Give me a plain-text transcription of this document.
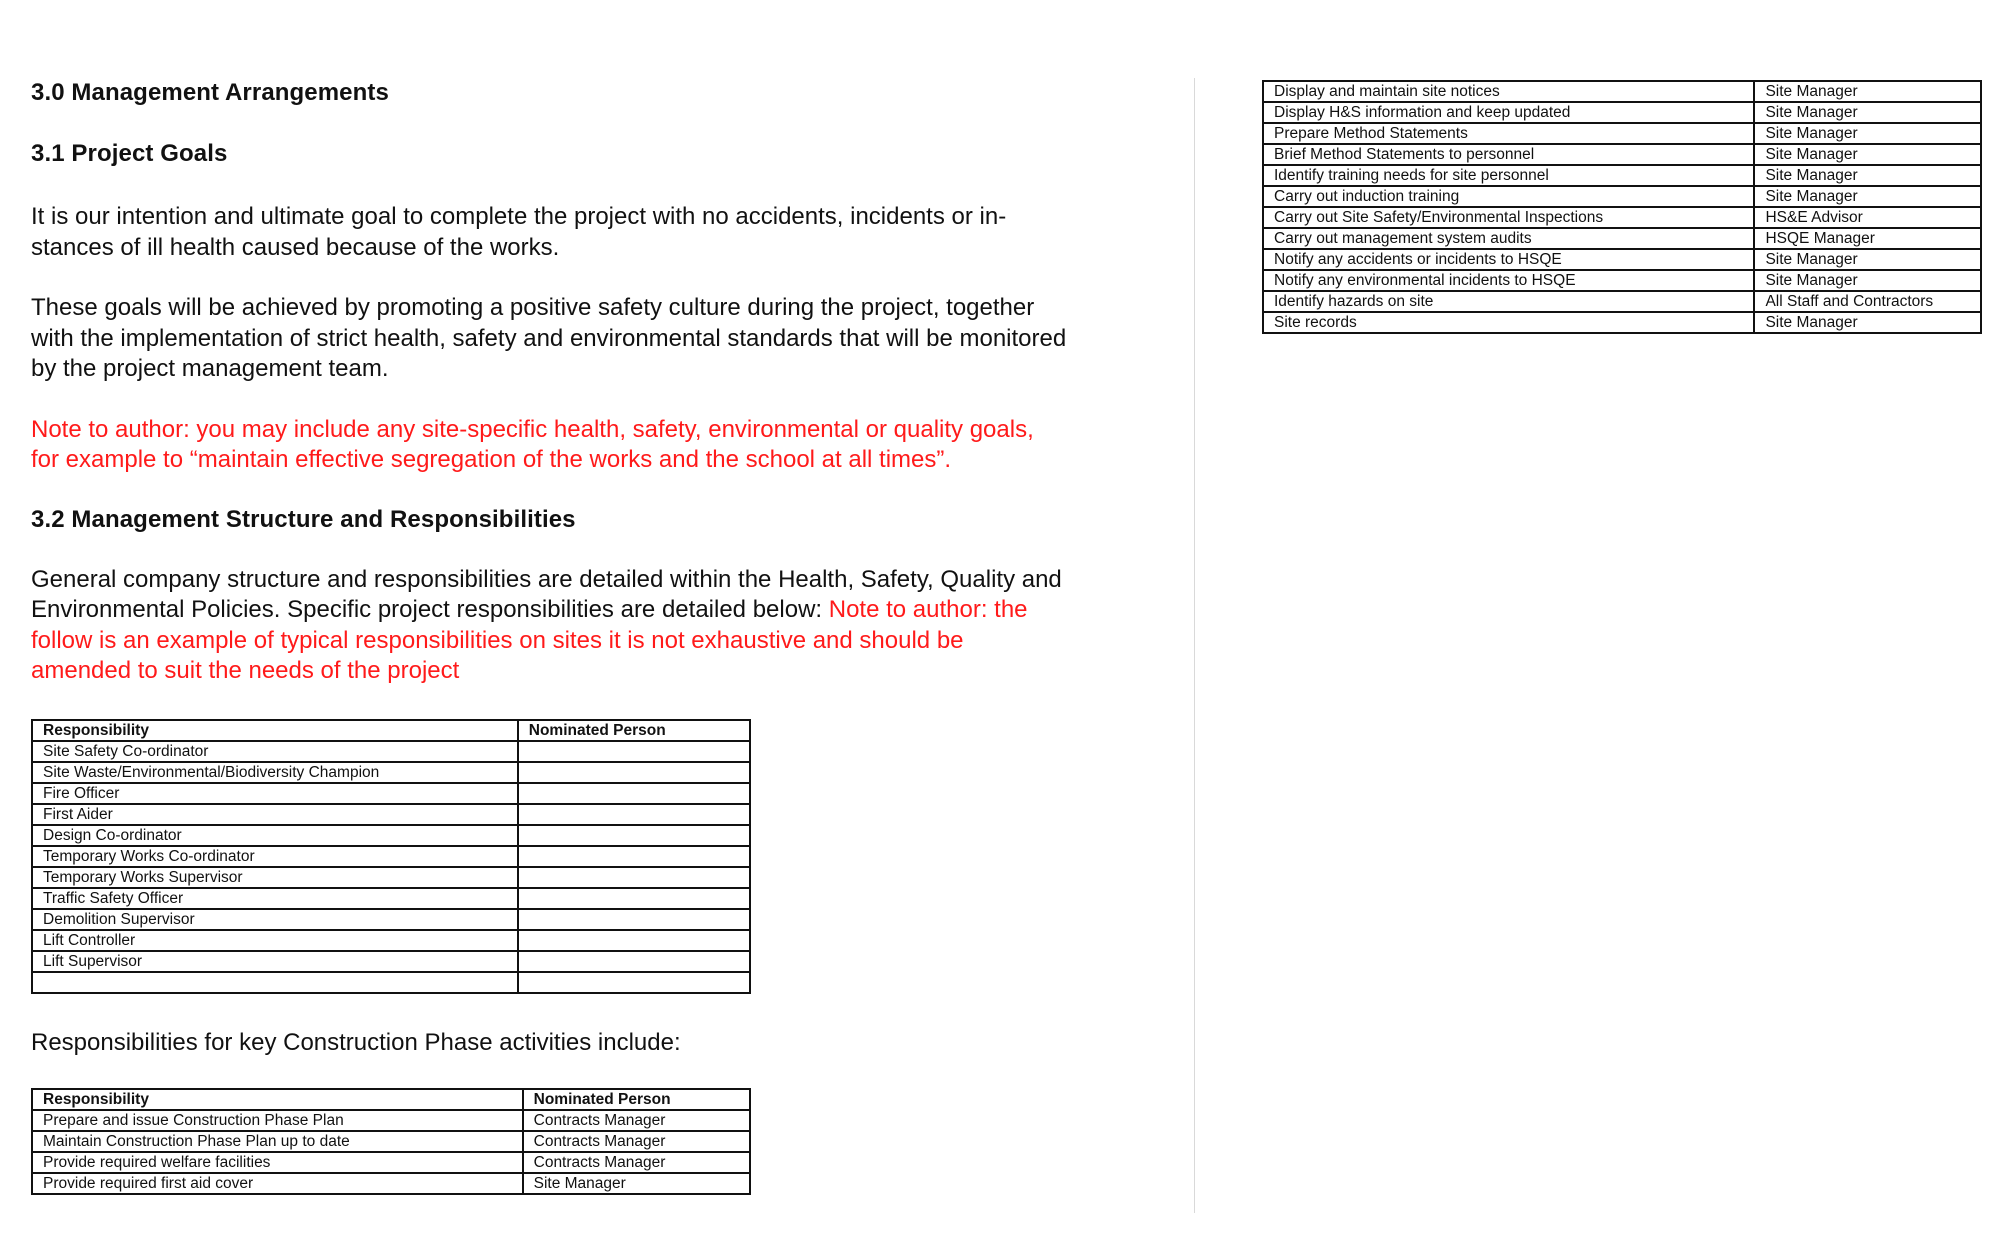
3.0 Management Arrangements
3.1 Project Goals

It is our intention and ultimate goal to complete the project with no accidents, incidents or in-
stances of ill health caused because of the works.

These goals will be achieved by promoting a positive safety culture during the project, together
with the implementation of strict health, safety and environmental standards that will be monitored
by the project management team.

Note to author: you may include any site-specific health, safety, environmental or quality goals,
for example to “maintain effective segregation of the works and the school at all times”.

3.2 Management Structure and Responsibilities

General company structure and responsibilities are detailed within the Health, Safety, Quality and
Environmental Policies. Specific project responsibilities are detailed below: Note to author: the
follow is an example of typical responsibilities on sites it is not exhaustive and should be
amended to suit the needs of the project

Responsibility	Nominated Person
Site Safety Co-ordinator	
Site Waste/Environmental/Biodiversity Champion	
Fire Officer	
First Aider	
Design Co-ordinator	
Temporary Works Co-ordinator	
Temporary Works Supervisor	
Traffic Safety Officer	
Demolition Supervisor	
Lift Controller	
Lift Supervisor	

Responsibilities for key Construction Phase activities include:

Responsibility	Nominated Person
Prepare and issue Construction Phase Plan	Contracts Manager
Maintain Construction Phase Plan up to date	Contracts Manager
Provide required welfare facilities	Contracts Manager
Provide required first aid cover	Site Manager
Display and maintain site notices	Site Manager
Display H&S information and keep updated	Site Manager
Prepare Method Statements	Site Manager
Brief Method Statements to personnel	Site Manager
Identify training needs for site personnel	Site Manager
Carry out induction training	Site Manager
Carry out Site Safety/Environmental Inspections	HS&E Advisor
Carry out management system audits	HSQE Manager
Notify any accidents or incidents to HSQE	Site Manager
Notify any environmental incidents to HSQE	Site Manager
Identify hazards on site	All Staff and Contractors
Site records	Site Manager
